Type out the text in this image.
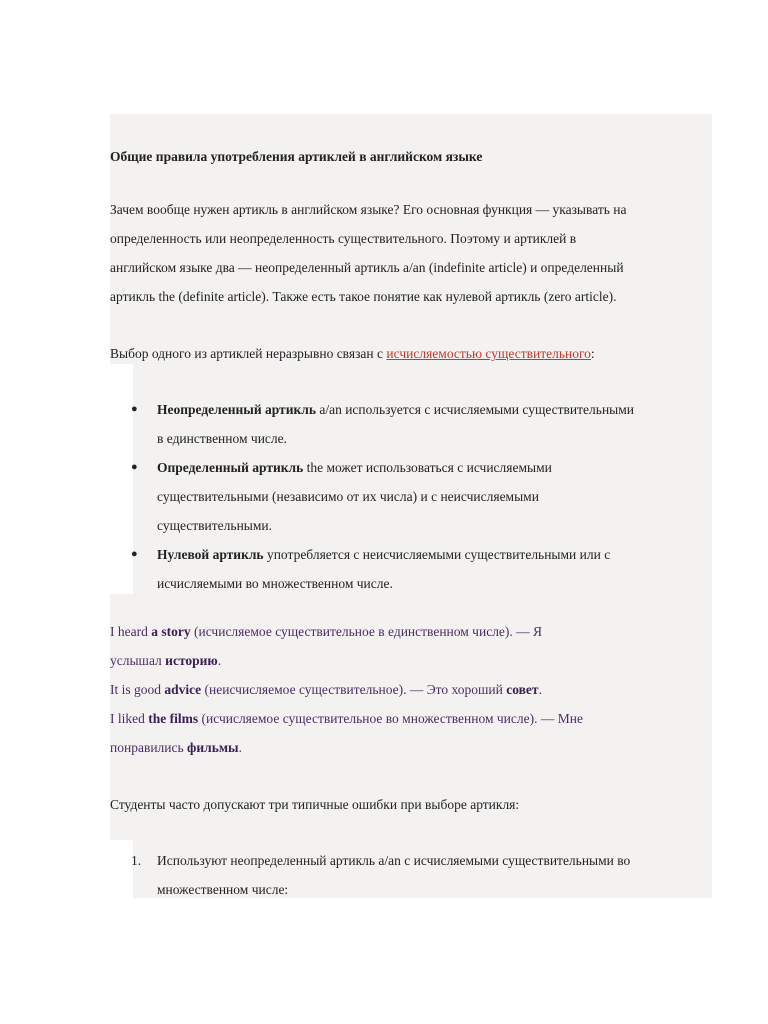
Общие правила употребления артиклей в английском языке
Зачем вообще нужен артикль в английском языке? Его основная функция — указывать на
определенность или неопределенность существительного. Поэтому и артиклей в
английском языке два — неопределенный артикль a/an (indefinite article) и определенный
артикль the (definite article). Также есть такое понятие как нулевой артикль (zero article).
Выбор одного из артиклей неразрывно связан с исчисляемостью существительного:
● Неопределенный артикль a/an используется с исчисляемыми существительными
в единственном числе.
● Определенный артикль the может использоваться с исчисляемыми
существительными (независимо от их числа) и с неисчисляемыми
существительными.
● Нулевой артикль употребляется с неисчисляемыми существительными или с
исчисляемыми во множественном числе.
I heard a story (исчисляемое существительное в единственном числе). — Я
услышал историю.
It is good advice (неисчисляемое существительное). — Это хороший совет.
I liked the films (исчисляемое существительное во множественном числе). — Мне
понравились фильмы.
Студенты часто допускают три типичные ошибки при выборе артикля:
1. Используют неопределенный артикль a/an с исчисляемыми существительными во
множественном числе:
